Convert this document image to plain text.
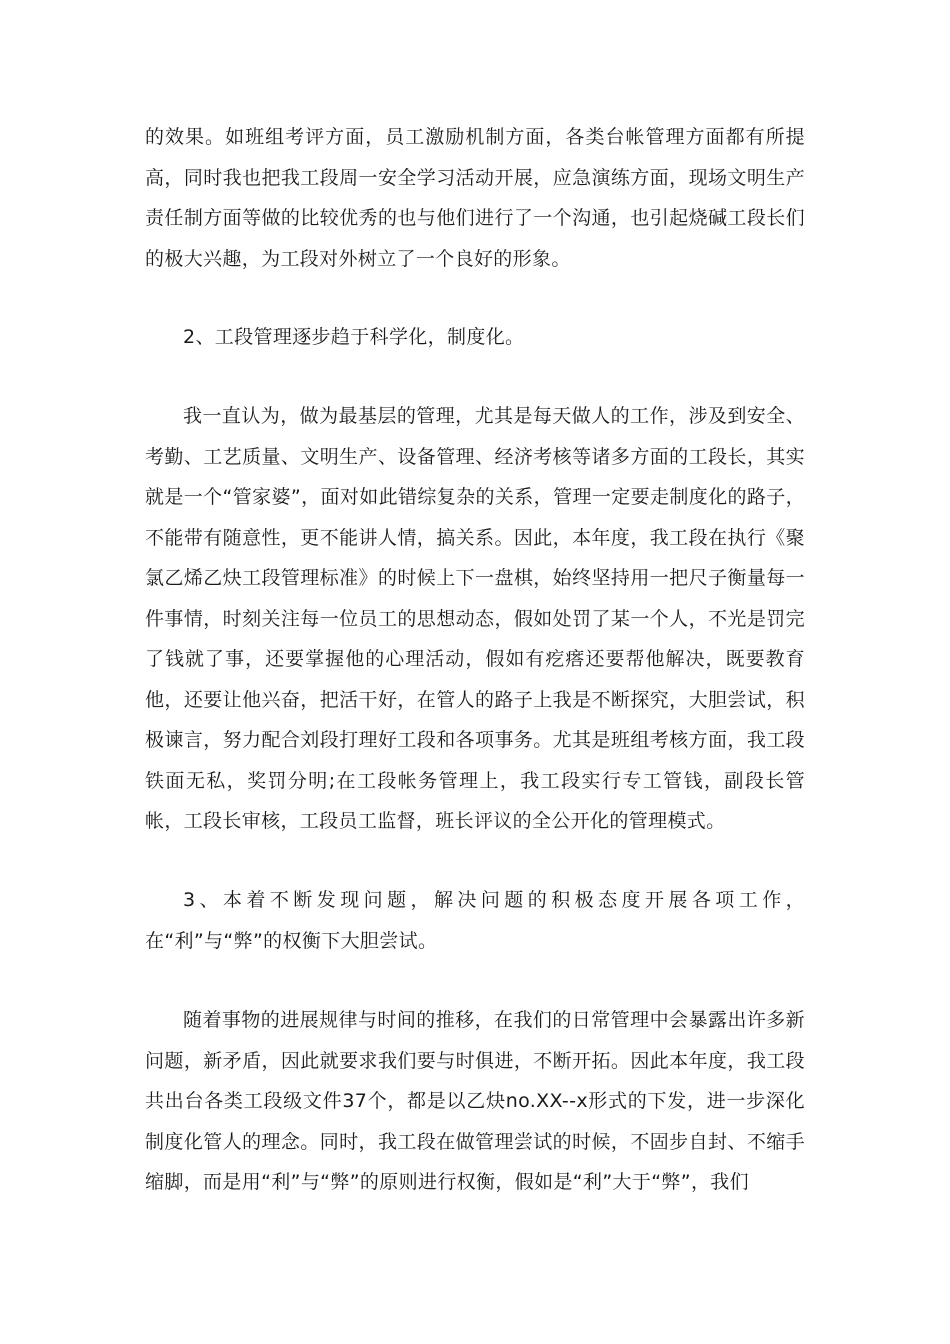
的效果。如班组考评方面，员工激励机制方面，各类台帐管理方面都有所提高，同时我也把我工段周一安全学习活动开展，应急演练方面，现场文明生产责任制方面等做的比较优秀的也与他们进行了一个沟通，也引起烧碱工段长们的极大兴趣，为工段对外树立了一个良好的形象。

2、工段管理逐步趋于科学化，制度化。

我一直认为，做为最基层的管理，尤其是每天做人的工作，涉及到安全、考勤、工艺质量、文明生产、设备管理、经济考核等诸多方面的工段长，其实就是一个“管家婆”，面对如此错综复杂的关系，管理一定要走制度化的路子，不能带有随意性，更不能讲人情，搞关系。因此，本年度，我工段在执行《聚氯乙烯乙炔工段管理标准》的时候上下一盘棋，始终坚持用一把尺子衡量每一件事情，时刻关注每一位员工的思想动态，假如处罚了某一个人，不光是罚完了钱就了事，还要掌握他的心理活动，假如有疙瘩还要帮他解决，既要教育他，还要让他兴奋，把活干好，在管人的路子上我是不断探究，大胆尝试，积极谏言，努力配合刘段打理好工段和各项事务。尤其是班组考核方面，我工段铁面无私，奖罚分明;在工段帐务管理上，我工段实行专工管钱，副段长管帐，工段长审核，工段员工监督，班长评议的全公开化的管理模式。

3、本着不断发现问题，解决问题的积极态度开展各项工作，在“利”与“弊”的权衡下大胆尝试。

随着事物的进展规律与时间的推移，在我们的日常管理中会暴露出许多新问题，新矛盾，因此就要求我们要与时俱进，不断开拓。因此本年度，我工段共出台各类工段级文件37个，都是以乙炔no.XX--x形式的下发，进一步深化制度化管人的理念。同时，我工段在做管理尝试的时候，不固步自封、不缩手缩脚，而是用“利”与“弊”的原则进行权衡，假如是“利”大于“弊”，我们
